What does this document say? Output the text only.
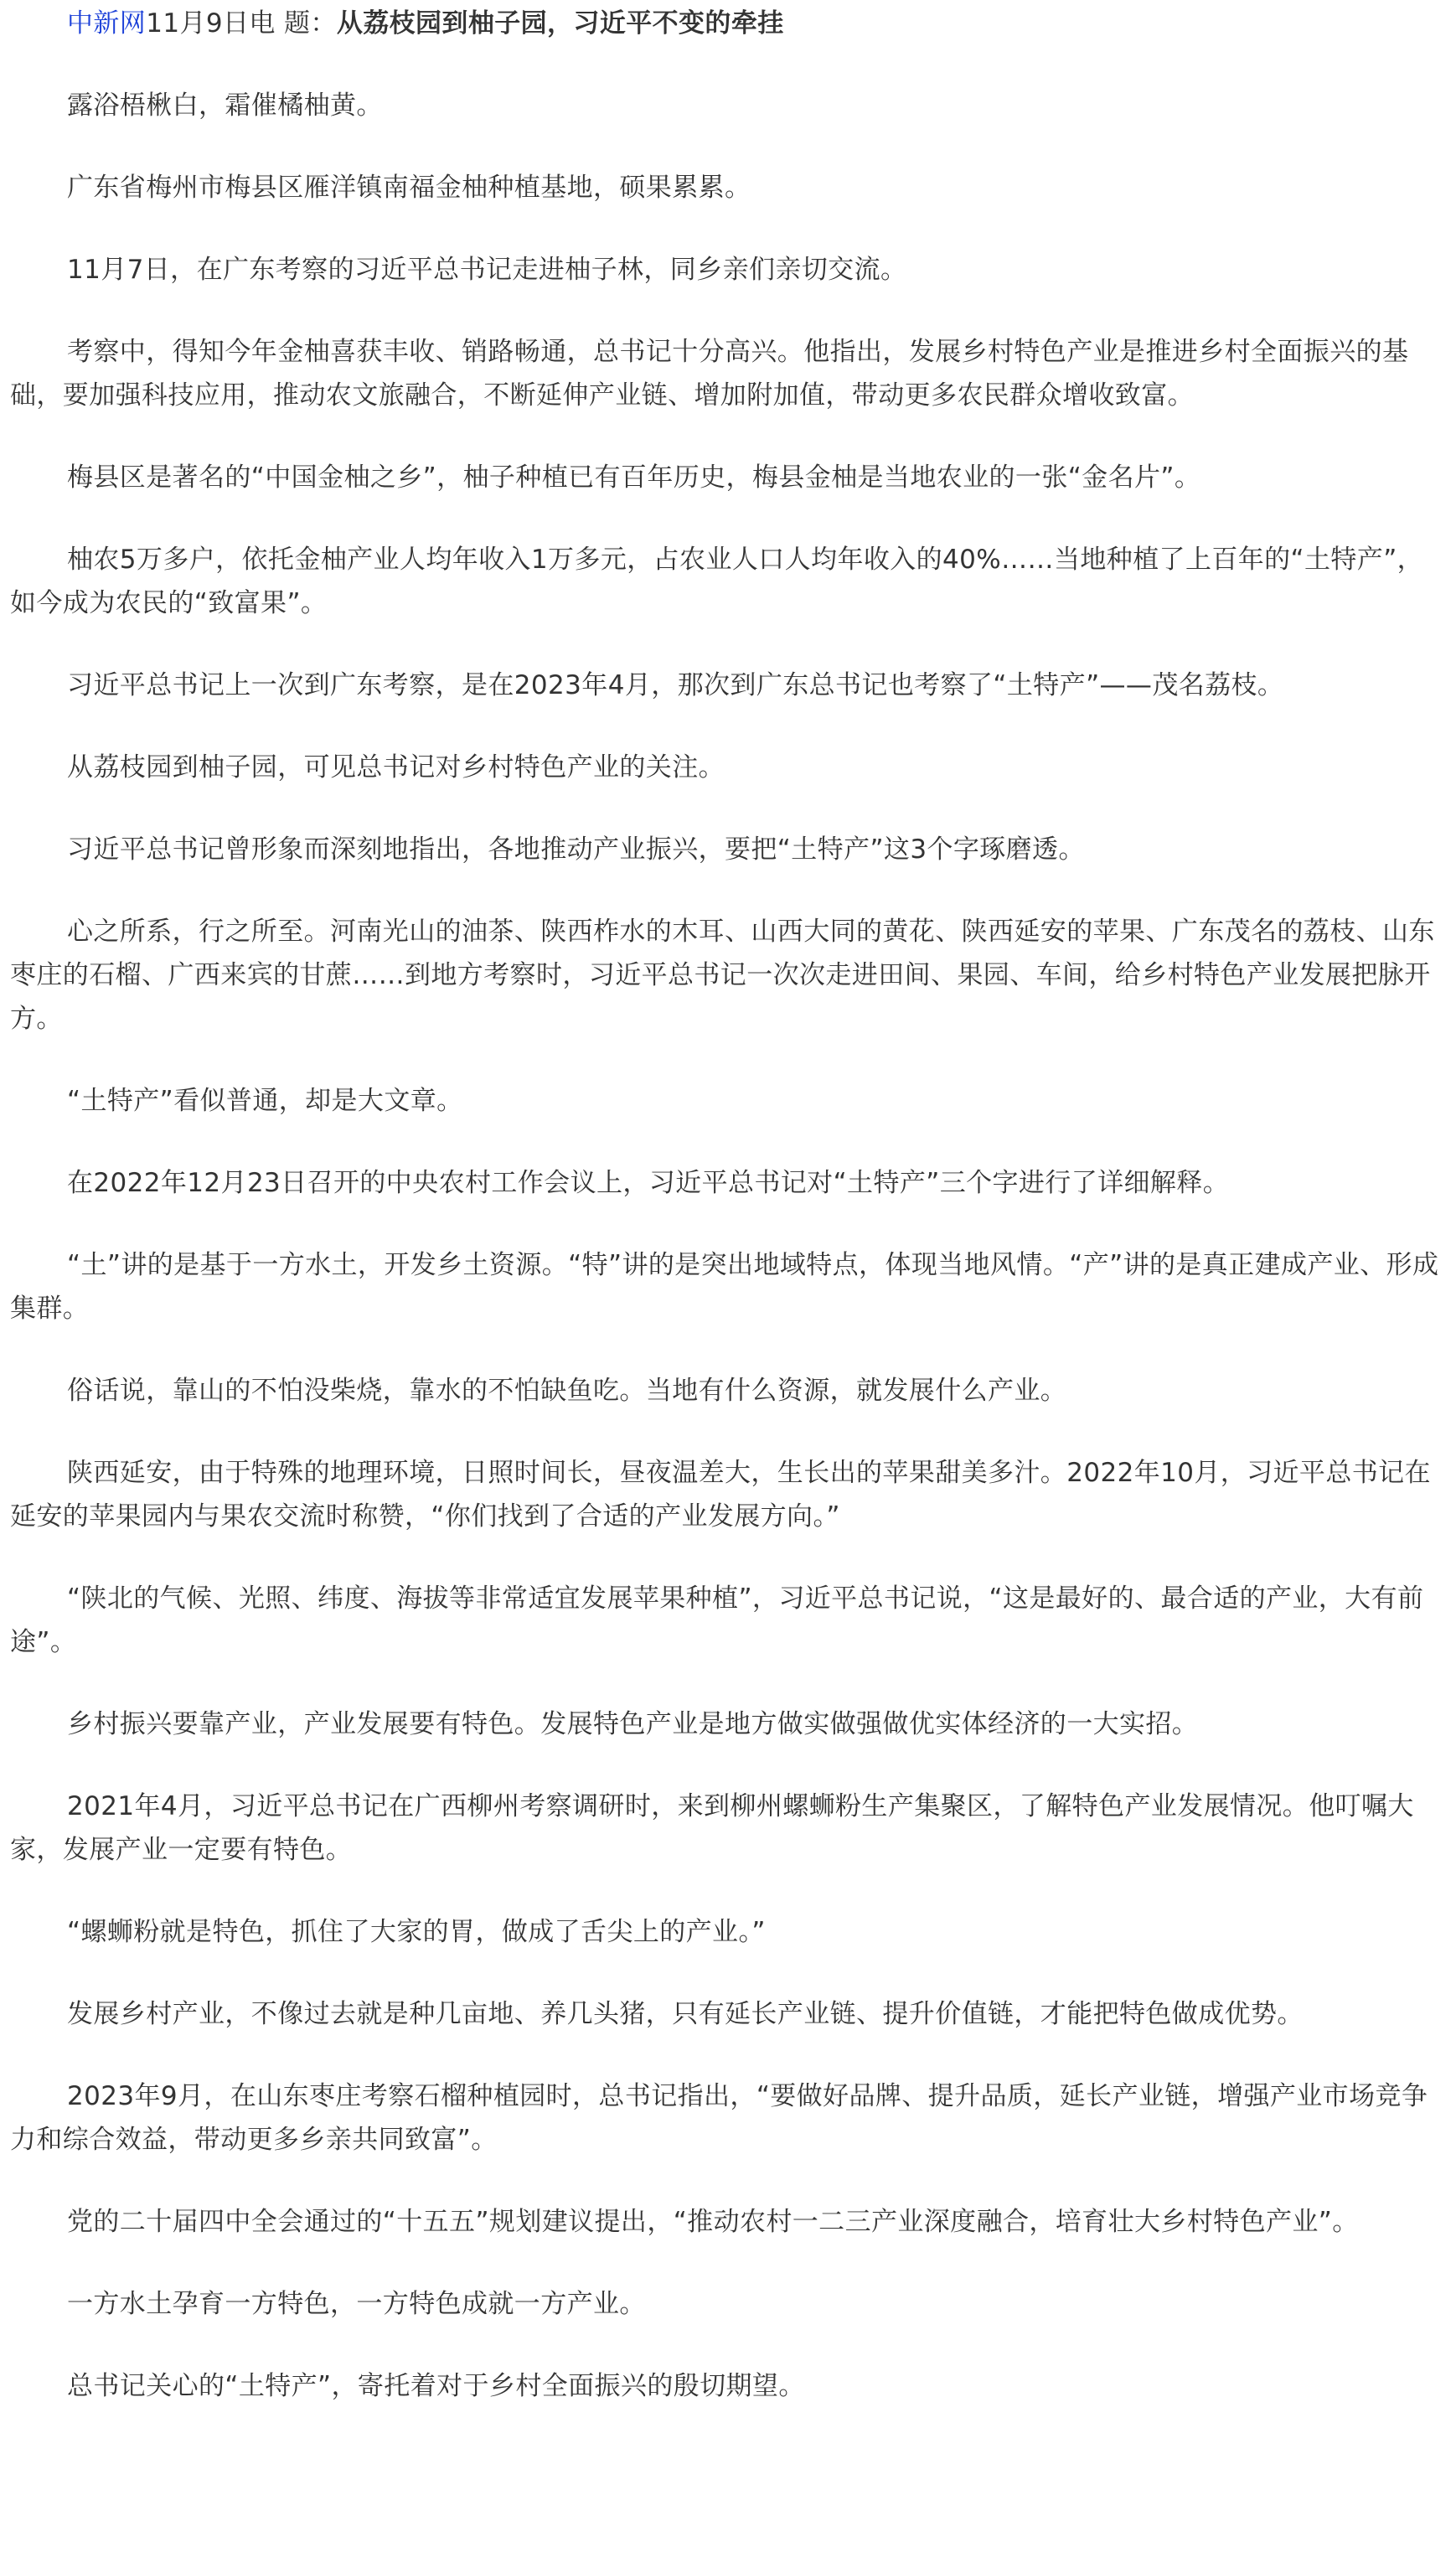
中新网11月9日电 题：从荔枝园到柚子园，习近平不变的牵挂

露浴梧楸白，霜催橘柚黄。

广东省梅州市梅县区雁洋镇南福金柚种植基地，硕果累累。

11月7日，在广东考察的习近平总书记走进柚子林，同乡亲们亲切交流。

考察中，得知今年金柚喜获丰收、销路畅通，总书记十分高兴。他指出，发展乡村特色产业是推进乡村全面振兴的基础，要加强科技应用，推动农文旅融合，不断延伸产业链、增加附加值，带动更多农民群众增收致富。

梅县区是著名的“中国金柚之乡”，柚子种植已有百年历史，梅县金柚是当地农业的一张“金名片”。

柚农5万多户，依托金柚产业人均年收入1万多元，占农业人口人均年收入的40%……当地种植了上百年的“土特产”，如今成为农民的“致富果”。

习近平总书记上一次到广东考察，是在2023年4月，那次到广东总书记也考察了“土特产”——茂名荔枝。

从荔枝园到柚子园，可见总书记对乡村特色产业的关注。

习近平总书记曾形象而深刻地指出，各地推动产业振兴，要把“土特产”这3个字琢磨透。

心之所系，行之所至。河南光山的油茶、陕西柞水的木耳、山西大同的黄花、陕西延安的苹果、广东茂名的荔枝、山东枣庄的石榴、广西来宾的甘蔗……到地方考察时，习近平总书记一次次走进田间、果园、车间，给乡村特色产业发展把脉开方。

“土特产”看似普通，却是大文章。

在2022年12月23日召开的中央农村工作会议上，习近平总书记对“土特产”三个字进行了详细解释。

“土”讲的是基于一方水土，开发乡土资源。“特”讲的是突出地域特点，体现当地风情。“产”讲的是真正建成产业、形成集群。

俗话说，靠山的不怕没柴烧，靠水的不怕缺鱼吃。当地有什么资源，就发展什么产业。

陕西延安，由于特殊的地理环境，日照时间长，昼夜温差大，生长出的苹果甜美多汁。2022年10月，习近平总书记在延安的苹果园内与果农交流时称赞，“你们找到了合适的产业发展方向。”

“陕北的气候、光照、纬度、海拔等非常适宜发展苹果种植”，习近平总书记说，“这是最好的、最合适的产业，大有前途”。

乡村振兴要靠产业，产业发展要有特色。发展特色产业是地方做实做强做优实体经济的一大实招。

2021年4月，习近平总书记在广西柳州考察调研时，来到柳州螺蛳粉生产集聚区，了解特色产业发展情况。他叮嘱大家，发展产业一定要有特色。

“螺蛳粉就是特色，抓住了大家的胃，做成了舌尖上的产业。”

发展乡村产业，不像过去就是种几亩地、养几头猪，只有延长产业链、提升价值链，才能把特色做成优势。

2023年9月，在山东枣庄考察石榴种植园时，总书记指出，“要做好品牌、提升品质，延长产业链，增强产业市场竞争力和综合效益，带动更多乡亲共同致富”。

党的二十届四中全会通过的“十五五”规划建议提出，“推动农村一二三产业深度融合，培育壮大乡村特色产业”。

一方水土孕育一方特色，一方特色成就一方产业。

总书记关心的“土特产”，寄托着对于乡村全面振兴的殷切期望。
